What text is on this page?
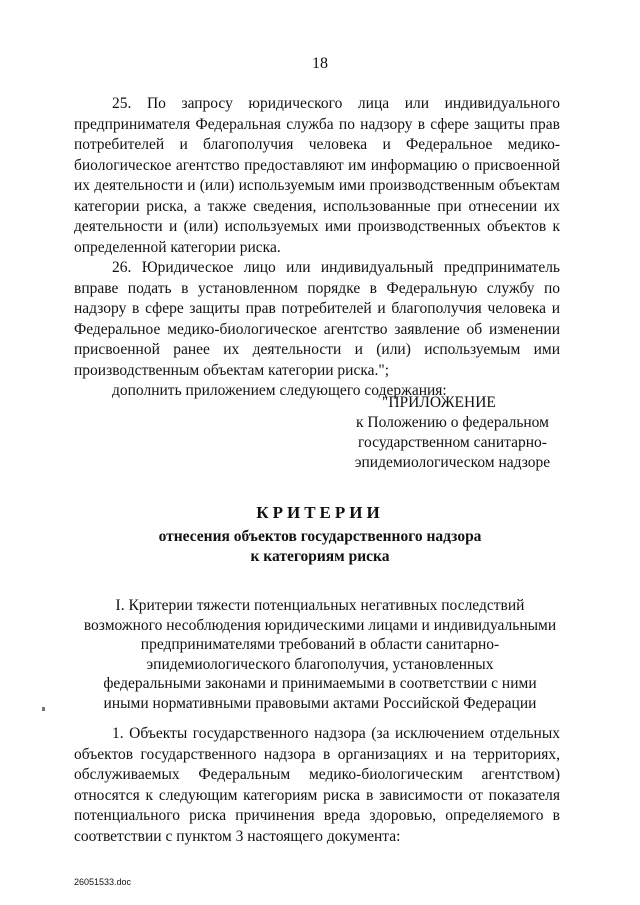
18

25. По запросу юридического лица или индивидуального предпринимателя Федеральная служба по надзору в сфере защиты прав потребителей и благополучия человека и Федеральное медико-биологическое агентство предоставляют им информацию о присвоенной их деятельности и (или) используемым ими производственным объектам категории риска, а также сведения, использованные при отнесении их деятельности и (или) используемых ими производственных объектов к определенной категории риска.

26. Юридическое лицо или индивидуальный предприниматель вправе подать в установленном порядке в Федеральную службу по надзору в сфере защиты прав потребителей и благополучия человека и Федеральное медико-биологическое агентство заявление об изменении присвоенной ранее их деятельности и (или) используемым ими производственным объектам категории риска.";

дополнить приложением следующего содержания:

"ПРИЛОЖЕНИЕ
к Положению о федеральном
государственном санитарно-
эпидемиологическом надзоре
КРИТЕРИИ
отнесения объектов государственного надзора
к категориям риска
I. Критерии тяжести потенциальных негативных последствий
возможного несоблюдения юридическими лицами и индивидуальными
предпринимателями требований в области санитарно-
эпидемиологического благополучия, установленных
федеральными законами и принимаемыми в соответствии с ними
иными нормативными правовыми актами Российской Федерации

1. Объекты государственного надзора (за исключением отдельных объектов государственного надзора в организациях и на территориях, обслуживаемых Федеральным медико-биологическим агентством) относятся к следующим категориям риска в зависимости от показателя потенциального риска причинения вреда здоровью, определяемого в соответствии с пунктом 3 настоящего документа:

26051533.doc
